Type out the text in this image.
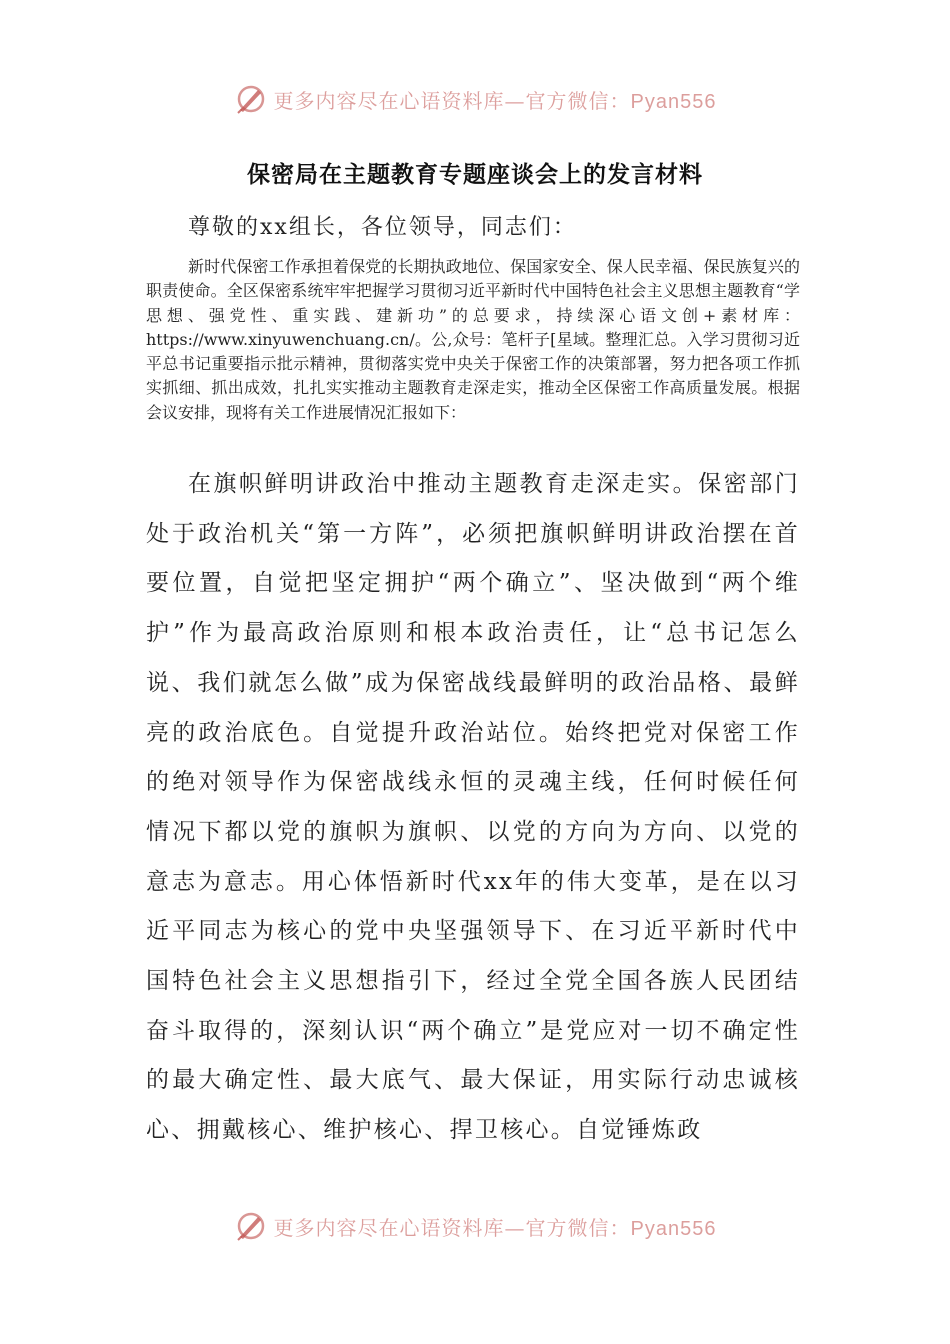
更多内容尽在心语资料库—官方微信：Pyan556
保密局在主题教育专题座谈会上的发言材料

尊敬的xx组长，各位领导，同志们：

新时代保密工作承担着保党的长期执政地位、保国家安全、保人民幸福、保民族复兴的职责使命。全区保密系统牢牢把握学习贯彻习近平新时代中国特色社会主义思想主题教育“学思想、强党性、重实践、建新功”的总要求，持续深心语文创+素材库：https://www.xinyuwenchuang.cn/。公,众号：笔杆子[星域。整理汇总。入学习贯彻习近平总书记重要指示批示精神，贯彻落实党中央关于保密工作的决策部署，努力把各项工作抓实抓细、抓出成效，扎扎实实推动主题教育走深走实，推动全区保密工作高质量发展。根据会议安排，现将有关工作进展情况汇报如下：

在旗帜鲜明讲政治中推动主题教育走深走实。保密部门处于政治机关“第一方阵”，必须把旗帜鲜明讲政治摆在首要位置，自觉把坚定拥护“两个确立”、坚决做到“两个维护”作为最高政治原则和根本政治责任，让“总书记怎么说、我们就怎么做”成为保密战线最鲜明的政治品格、最鲜亮的政治底色。自觉提升政治站位。始终把党对保密工作的绝对领导作为保密战线永恒的灵魂主线，任何时候任何情况下都以党的旗帜为旗帜、以党的方向为方向、以党的意志为意志。用心体悟新时代xx年的伟大变革，是在以习近平同志为核心的党中央坚强领导下、在习近平新时代中国特色社会主义思想指引下，经过全党全国各族人民团结奋斗取得的，深刻认识“两个确立”是党应对一切不确定性的最大确定性、最大底气、最大保证，用实际行动忠诚核心、拥戴核心、维护核心、捍卫核心。自觉锤炼政

更多内容尽在心语资料库—官方微信：Pyan556
